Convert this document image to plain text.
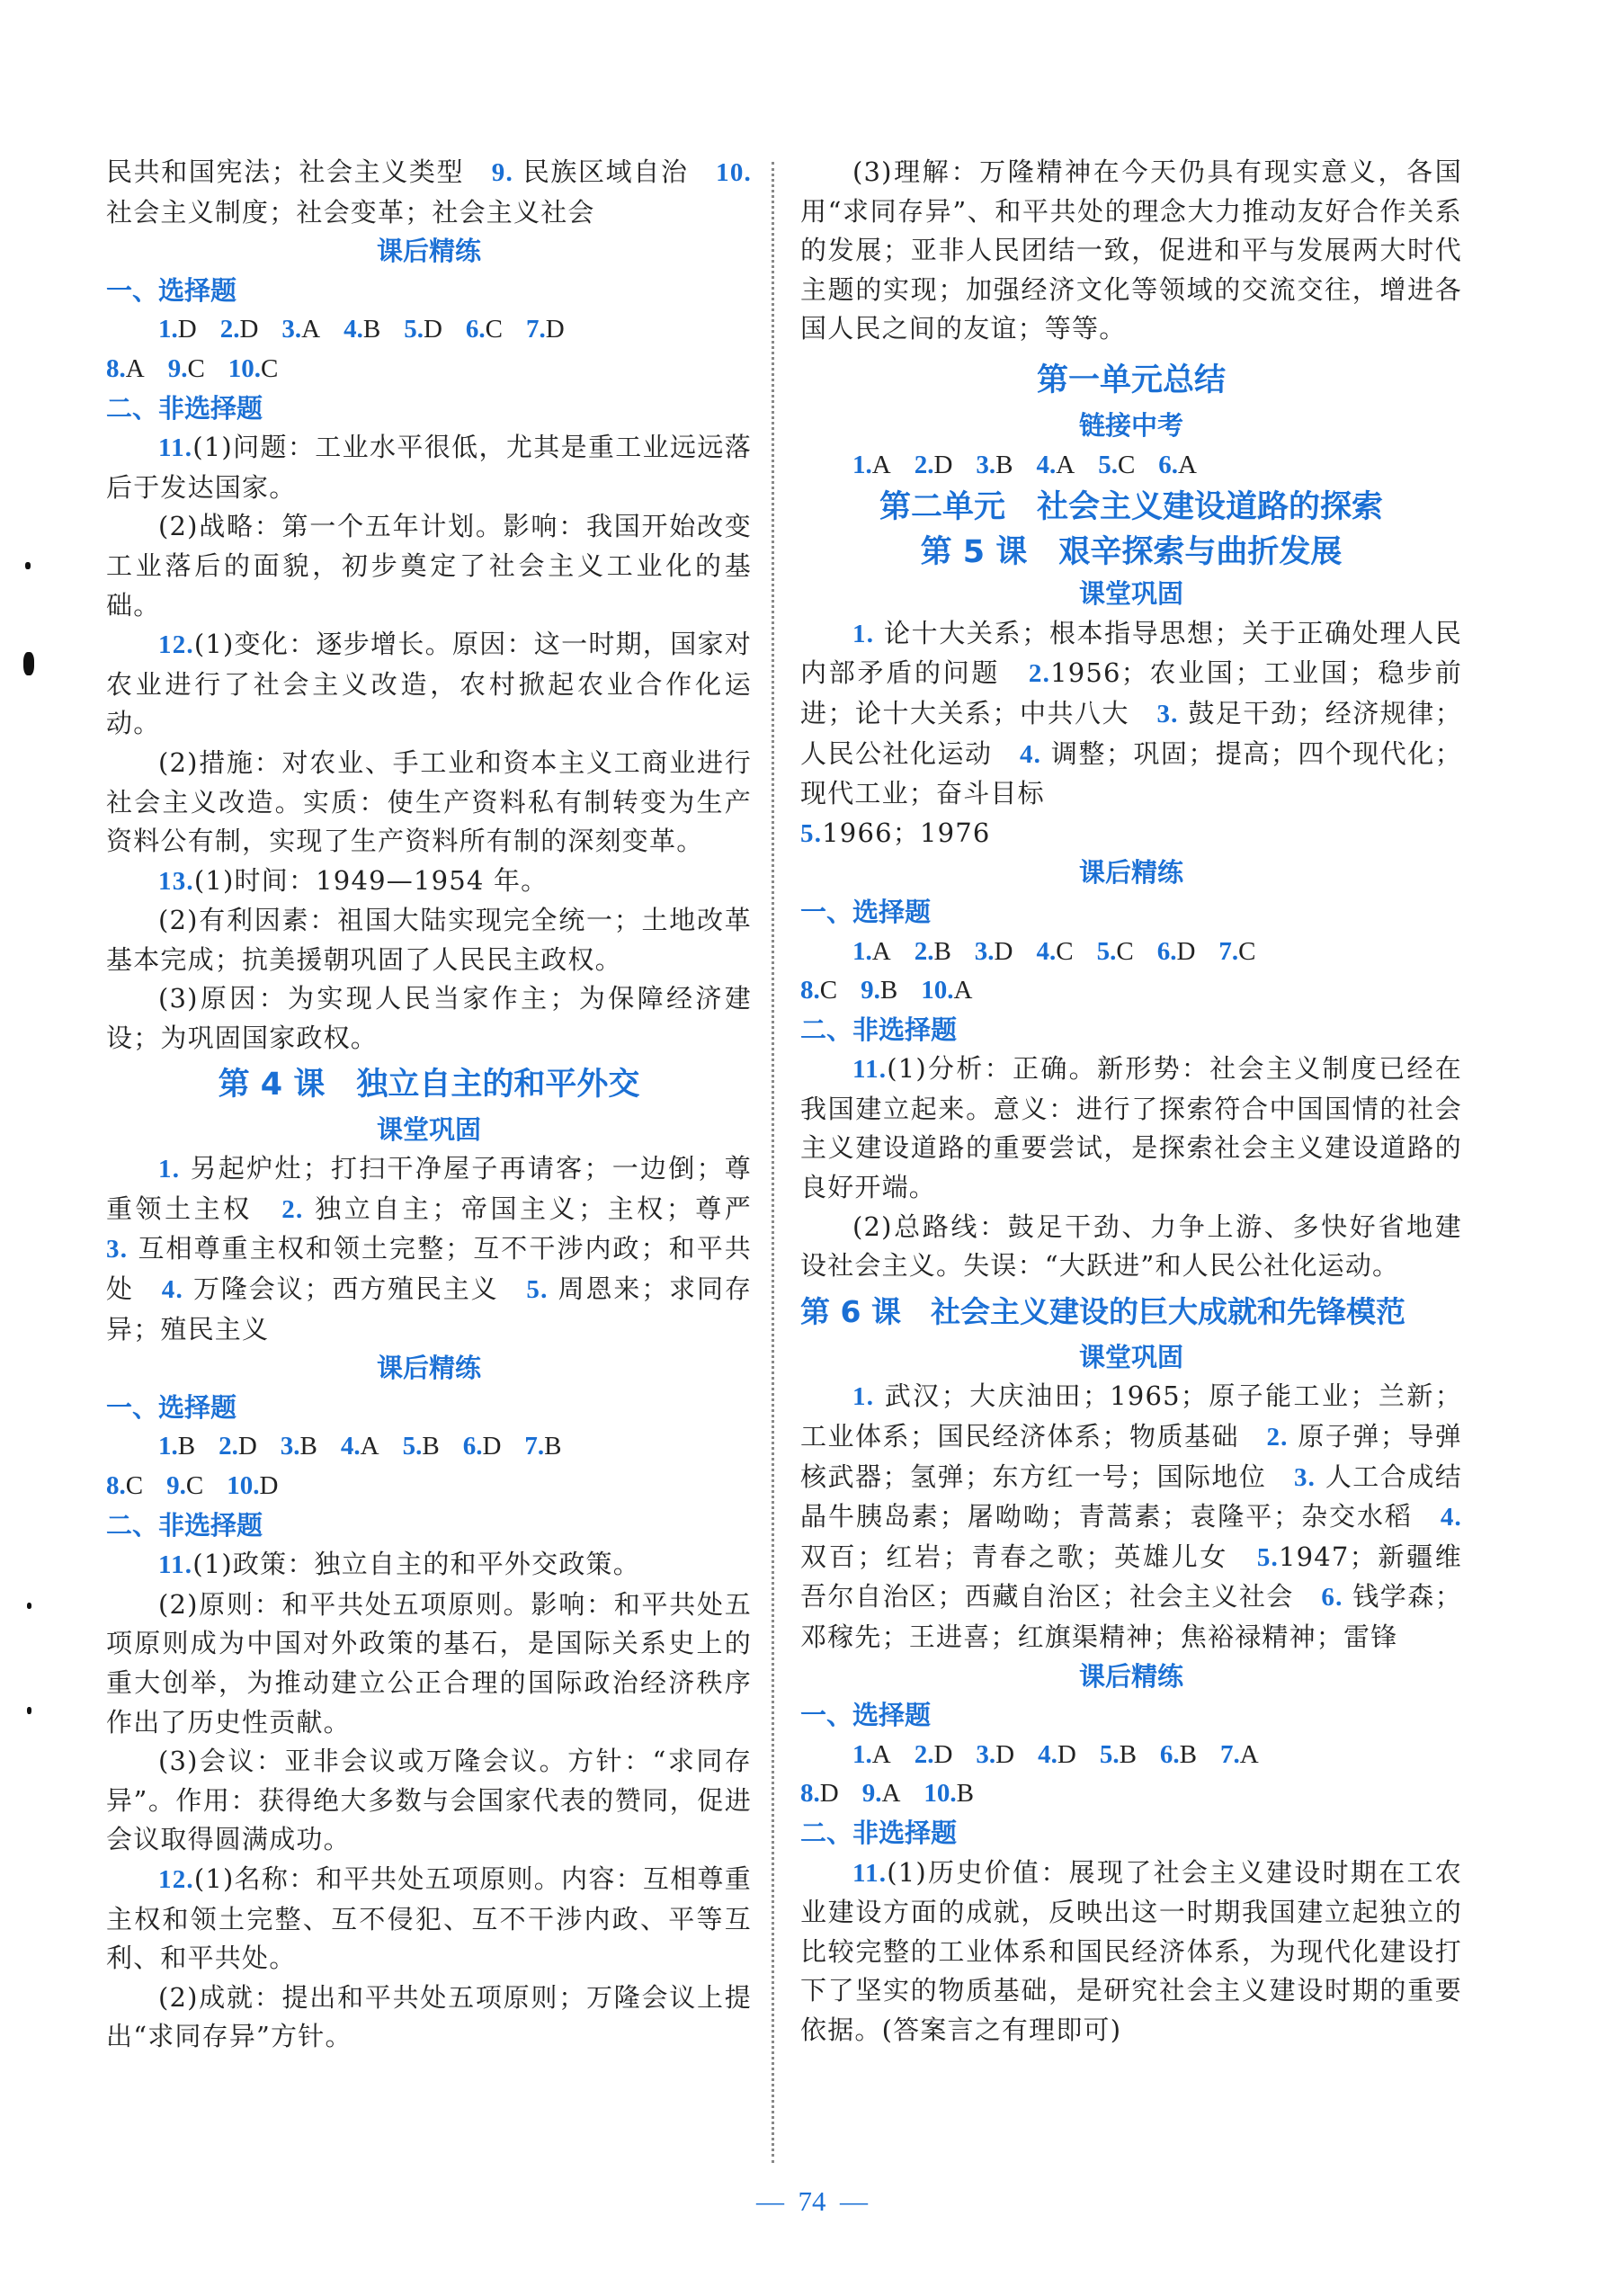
民共和国宪法；社会主义类型　 9. 民族区域自治　 10. 社会主义制度；社会变革；社会主义社会

课后精练

一、选择题

1.D 2.D 3.A 4.B 5.D 6.C 7.D

8.A 9.C 10.C

二、非选择题

11.(1)问题：工业水平很低，尤其是重工业远远落后于发达国家。

(2)战略：第一个五年计划。影响：我国开始改变工业落后的面貌，初步奠定了社会主义工业化的基础。

12.(1)变化：逐步增长。原因：这一时期，国家对农业进行了社会主义改造，农村掀起农业合作化运动。

(2)措施：对农业、手工业和资本主义工商业进行社会主义改造。实质：使生产资料私有制转变为生产资料公有制，实现了生产资料所有制的深刻变革。

13.(1)时间：1949—1954 年。

(2)有利因素：祖国大陆实现完全统一；土地改革基本完成；抗美援朝巩固了人民民主政权。

(3)原因：为实现人民当家作主；为保障经济建设；为巩固国家政权。

第 4 课　独立自主的和平外交

课堂巩固

1. 另起炉灶；打扫干净屋子再请客；一边倒；尊重领土主权　 2. 独立自主；帝国主义；主权；尊严　3. 互相尊重主权和领土完整；互不干涉内政；和平共处　 4. 万隆会议；西方殖民主义　 5. 周恩来；求同存异；殖民主义

课后精练

一、选择题

1.B 2.D 3.B 4.A 5.B 6.D 7.B

8.C 9.C 10.D

二、非选择题

11.(1)政策：独立自主的和平外交政策。

(2)原则：和平共处五项原则。影响：和平共处五项原则成为中国对外政策的基石，是国际关系史上的重大创举，为推动建立公正合理的国际政治经济秩序作出了历史性贡献。

(3)会议：亚非会议或万隆会议。方针：“求同存异”。作用：获得绝大多数与会国家代表的赞同，促进会议取得圆满成功。

12.(1)名称：和平共处五项原则。内容：互相尊重主权和领土完整、互不侵犯、互不干涉内政、平等互利、和平共处。

(2)成就：提出和平共处五项原则；万隆会议上提出“求同存异”方针。

(3)理解：万隆精神在今天仍具有现实意义，各国用“求同存异”、和平共处的理念大力推动友好合作关系的发展；亚非人民团结一致，促进和平与发展两大时代主题的实现；加强经济文化等领域的交流交往，增进各国人民之间的友谊；等等。

第一单元总结

链接中考

1.A 2.D 3.B 4.A 5.C 6.A

第二单元　社会主义建设道路的探索

第 5 课　艰辛探索与曲折发展

课堂巩固

1. 论十大关系；根本指导思想；关于正确处理人民内部矛盾的问题　 2.1956；农业国；工业国；稳步前进；论十大关系；中共八大　 3. 鼓足干劲；经济规律；人民公社化运动　 4. 调整；巩固；提高；四个现代化；现代工业；奋斗目标
5.1966；1976

课后精练

一、选择题

1.A 2.B 3.D 4.C 5.C 6.D 7.C

8.C 9.B 10.A

二、非选择题

11.(1)分析：正确。新形势：社会主义制度已经在我国建立起来。意义：进行了探索符合中国国情的社会主义建设道路的重要尝试，是探索社会主义建设道路的良好开端。

(2)总路线：鼓足干劲、力争上游、多快好省地建设社会主义。失误：“大跃进”和人民公社化运动。

第 6 课　社会主义建设的巨大成就和先锋模范

课堂巩固

1. 武汉；大庆油田；1965；原子能工业；兰新；工业体系；国民经济体系；物质基础　 2. 原子弹；导弹核武器；氢弹；东方红一号；国际地位　 3. 人工合成结晶牛胰岛素；屠呦呦；青蒿素；袁隆平；杂交水稻　 4. 双百；红岩；青春之歌；英雄儿女　 5.1947；新疆维吾尔自治区；西藏自治区；社会主义社会　 6. 钱学森；邓稼先；王进喜；红旗渠精神；焦裕禄精神；雷锋

课后精练

一、选择题

1.A 2.D 3.D 4.D 5.B 6.B 7.A

8.D 9.A 10.B

二、非选择题

11.(1)历史价值：展现了社会主义建设时期在工农业建设方面的成就，反映出这一时期我国建立起独立的比较完整的工业体系和国民经济体系，为现代化建设打下了坚实的物质基础，是研究社会主义建设时期的重要依据。(答案言之有理即可)

— 74 —
